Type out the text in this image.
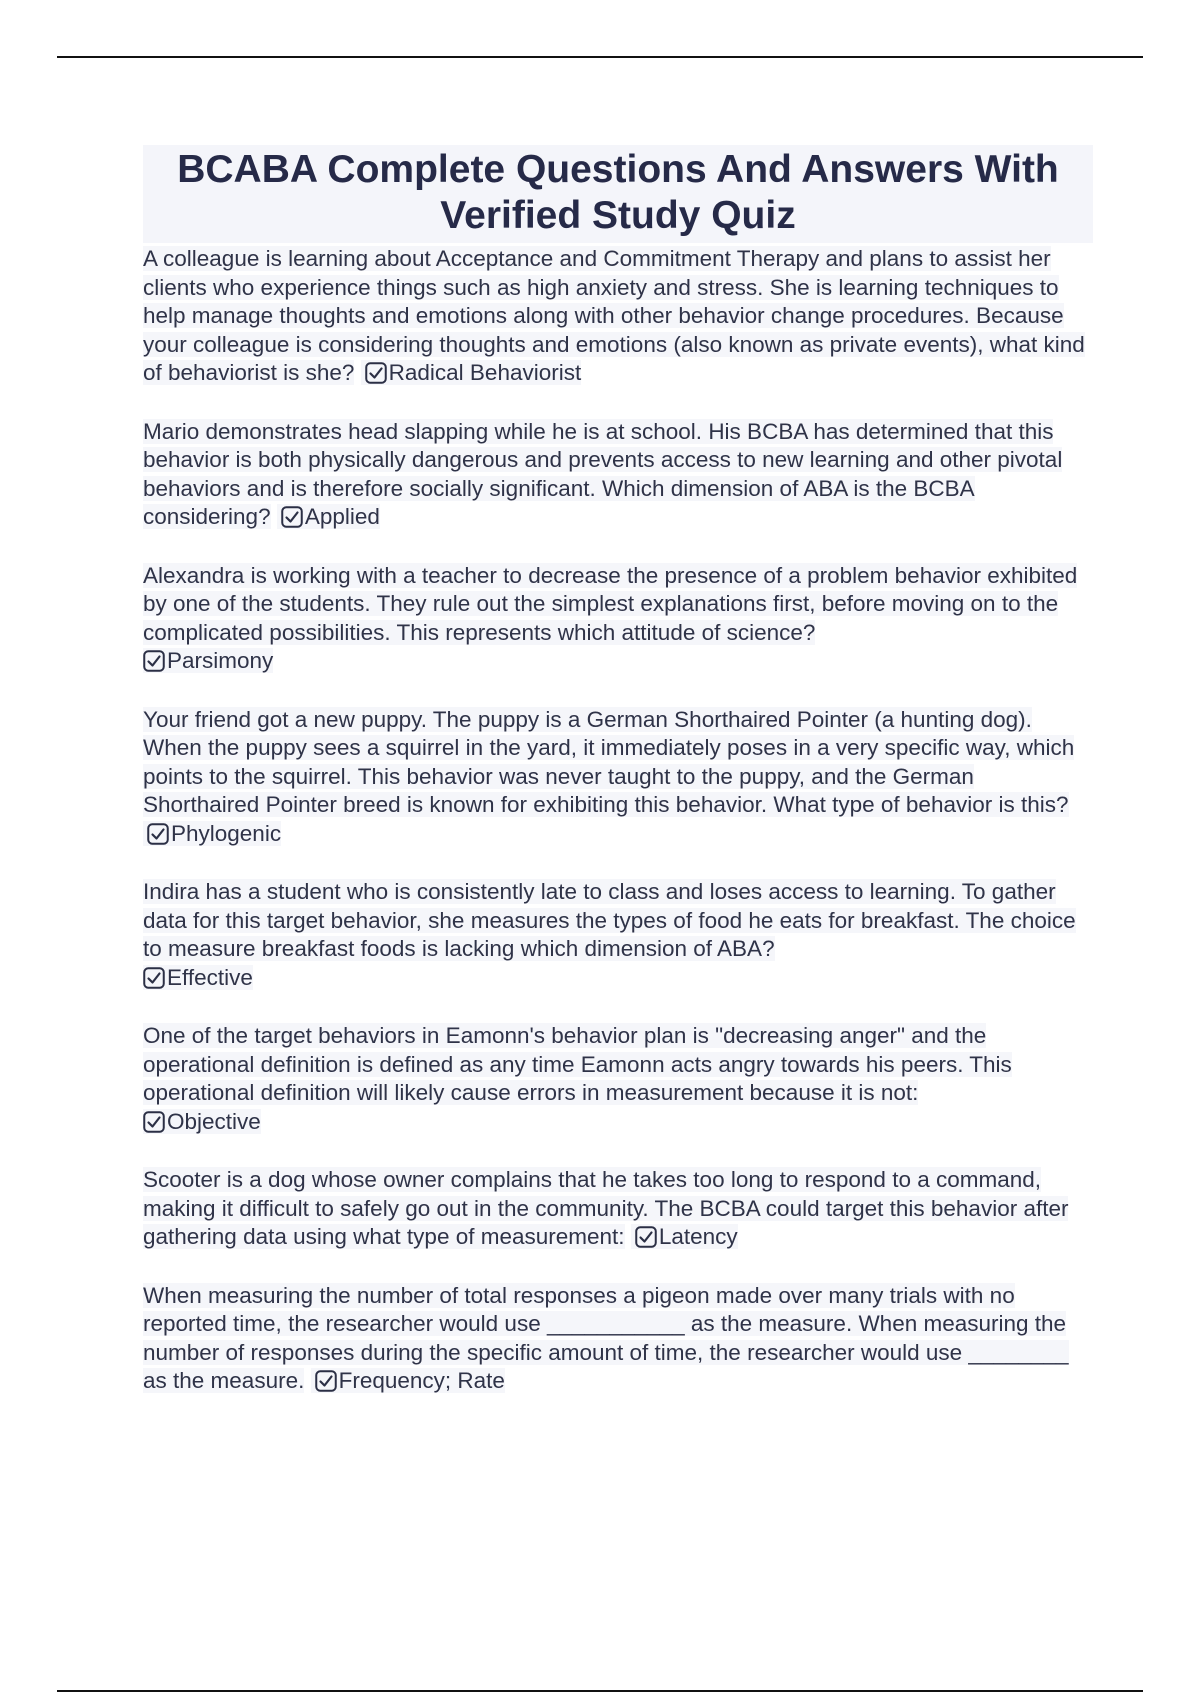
BCABA Complete Questions And Answers With Verified Study Quiz

A colleague is learning about Acceptance and Commitment Therapy and plans to assist her clients who experience things such as high anxiety and stress. She is learning techniques to help manage thoughts and emotions along with other behavior change procedures. Because your colleague is considering thoughts and emotions (also known as private events), what kind of behaviorist is she? Radical Behaviorist

Mario demonstrates head slapping while he is at school. His BCBA has determined that this behavior is both physically dangerous and prevents access to new learning and other pivotal behaviors and is therefore socially significant. Which dimension of ABA is the BCBA considering? Applied

Alexandra is working with a teacher to decrease the presence of a problem behavior exhibited by one of the students. They rule out the simplest explanations first, before moving on to the complicated possibilities. This represents which attitude of science?

Parsimony

Your friend got a new puppy. The puppy is a German Shorthaired Pointer (a hunting dog). When the puppy sees a squirrel in the yard, it immediately poses in a very specific way, which points to the squirrel. This behavior was never taught to the puppy, and the German Shorthaired Pointer breed is known for exhibiting this behavior. What type of behavior is this?
Phylogenic

Indira has a student who is consistently late to class and loses access to learning. To gather data for this target behavior, she measures the types of food he eats for breakfast. The choice to measure breakfast foods is lacking which dimension of ABA?

Effective

One of the target behaviors in Eamonn's behavior plan is "decreasing anger" and the operational definition is defined as any time Eamonn acts angry towards his peers. This operational definition will likely cause errors in measurement because it is not:

Objective

Scooter is a dog whose owner complains that he takes too long to respond to a command, making it difficult to safely go out in the community. The BCBA could target this behavior after gathering data using what type of measurement: Latency

When measuring the number of total responses a pigeon made over many trials with no reported time, the researcher would use ___________ as the measure. When measuring the number of responses during the specific amount of time, the researcher would use ________ as the measure. Frequency; Rate
